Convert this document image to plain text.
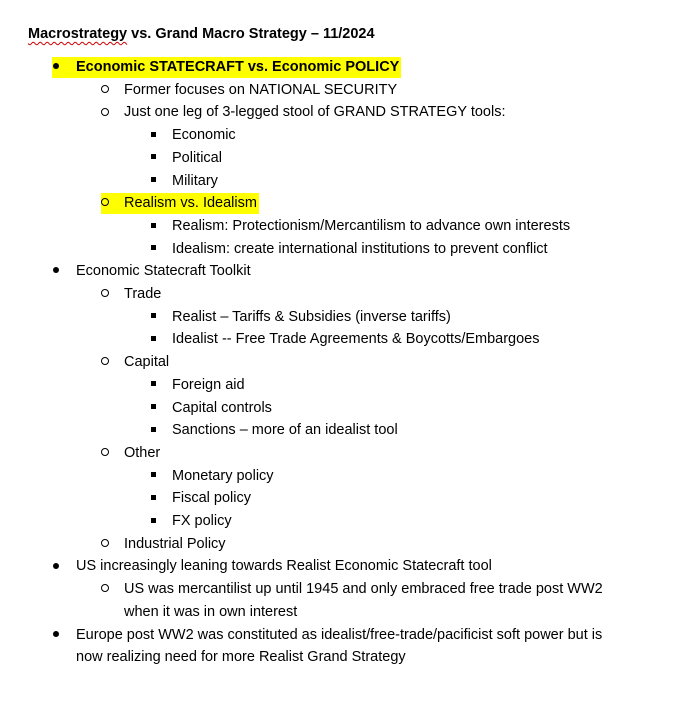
Macrostrategy vs. Grand Macro Strategy – 11/2024
Economic STATECRAFT vs. Economic POLICY
Former focuses on NATIONAL SECURITY
Just one leg of 3-legged stool of GRAND STRATEGY tools:
Economic
Political
Military
Realism vs. Idealism
Realism: Protectionism/Mercantilism to advance own interests
Idealism: create international institutions to prevent conflict
Economic Statecraft Toolkit
Trade
Realist – Tariffs & Subsidies (inverse tariffs)
Idealist -- Free Trade Agreements & Boycotts/Embargoes
Capital
Foreign aid
Capital controls
Sanctions – more of an idealist tool
Other
Monetary policy
Fiscal policy
FX policy
Industrial Policy
US increasingly leaning towards Realist Economic Statecraft tool
US was mercantilist up until 1945 and only embraced free trade post WW2
when it was in own interest
Europe post WW2 was constituted as idealist/free-trade/pacificist soft power but is
now realizing need for more Realist Grand Strategy
